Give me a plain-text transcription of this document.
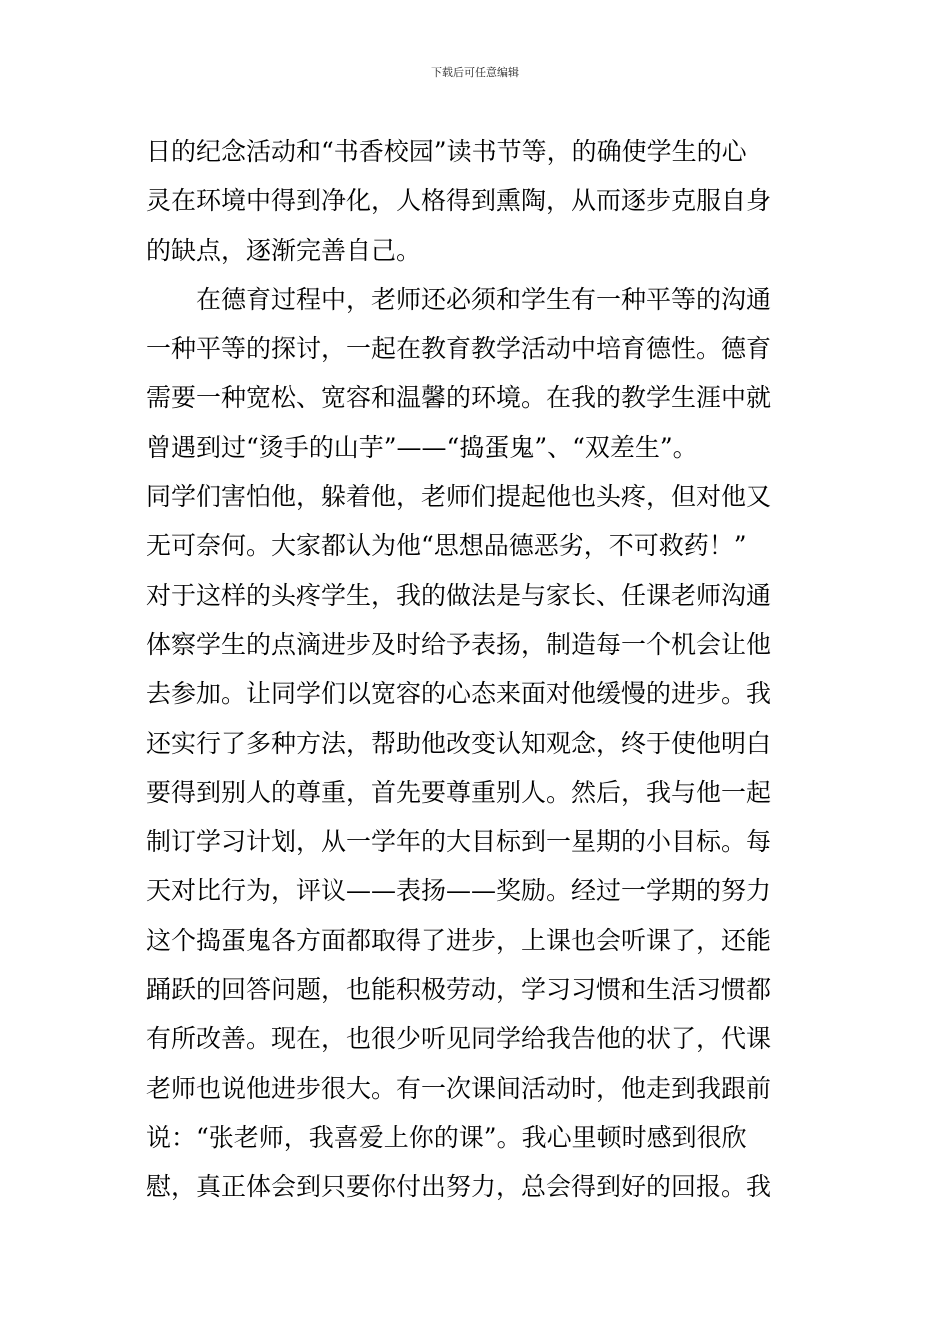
下载后可任意编辑
日的纪念活动和“书香校园”读书节等，的确使学生的心
灵在环境中得到净化，人格得到熏陶，从而逐步克服自身
的缺点，逐渐完善自己。
　　在德育过程中，老师还必须和学生有一种平等的沟通
一种平等的探讨，一起在教育教学活动中培育德性。德育
需要一种宽松、宽容和温馨的环境。在我的教学生涯中就
曾遇到过“烫手的山芋”——“捣蛋鬼”、“双差生”。
同学们害怕他，躲着他，老师们提起他也头疼，但对他又
无可奈何。大家都认为他“思想品德恶劣，不可救药！”
对于这样的头疼学生，我的做法是与家长、任课老师沟通
体察学生的点滴进步及时给予表扬，制造每一个机会让他
去参加。让同学们以宽容的心态来面对他缓慢的进步。我
还实行了多种方法，帮助他改变认知观念，终于使他明白
要得到别人的尊重，首先要尊重别人。然后，我与他一起
制订学习计划，从一学年的大目标到一星期的小目标。每
天对比行为，评议——表扬——奖励。经过一学期的努力
这个捣蛋鬼各方面都取得了进步，上课也会听课了，还能
踊跃的回答问题，也能积极劳动，学习习惯和生活习惯都
有所改善。现在，也很少听见同学给我告他的状了，代课
老师也说他进步很大。有一次课间活动时，他走到我跟前
说：“张老师，我喜爱上你的课”。我心里顿时感到很欣
慰，真正体会到只要你付出努力，总会得到好的回报。我
